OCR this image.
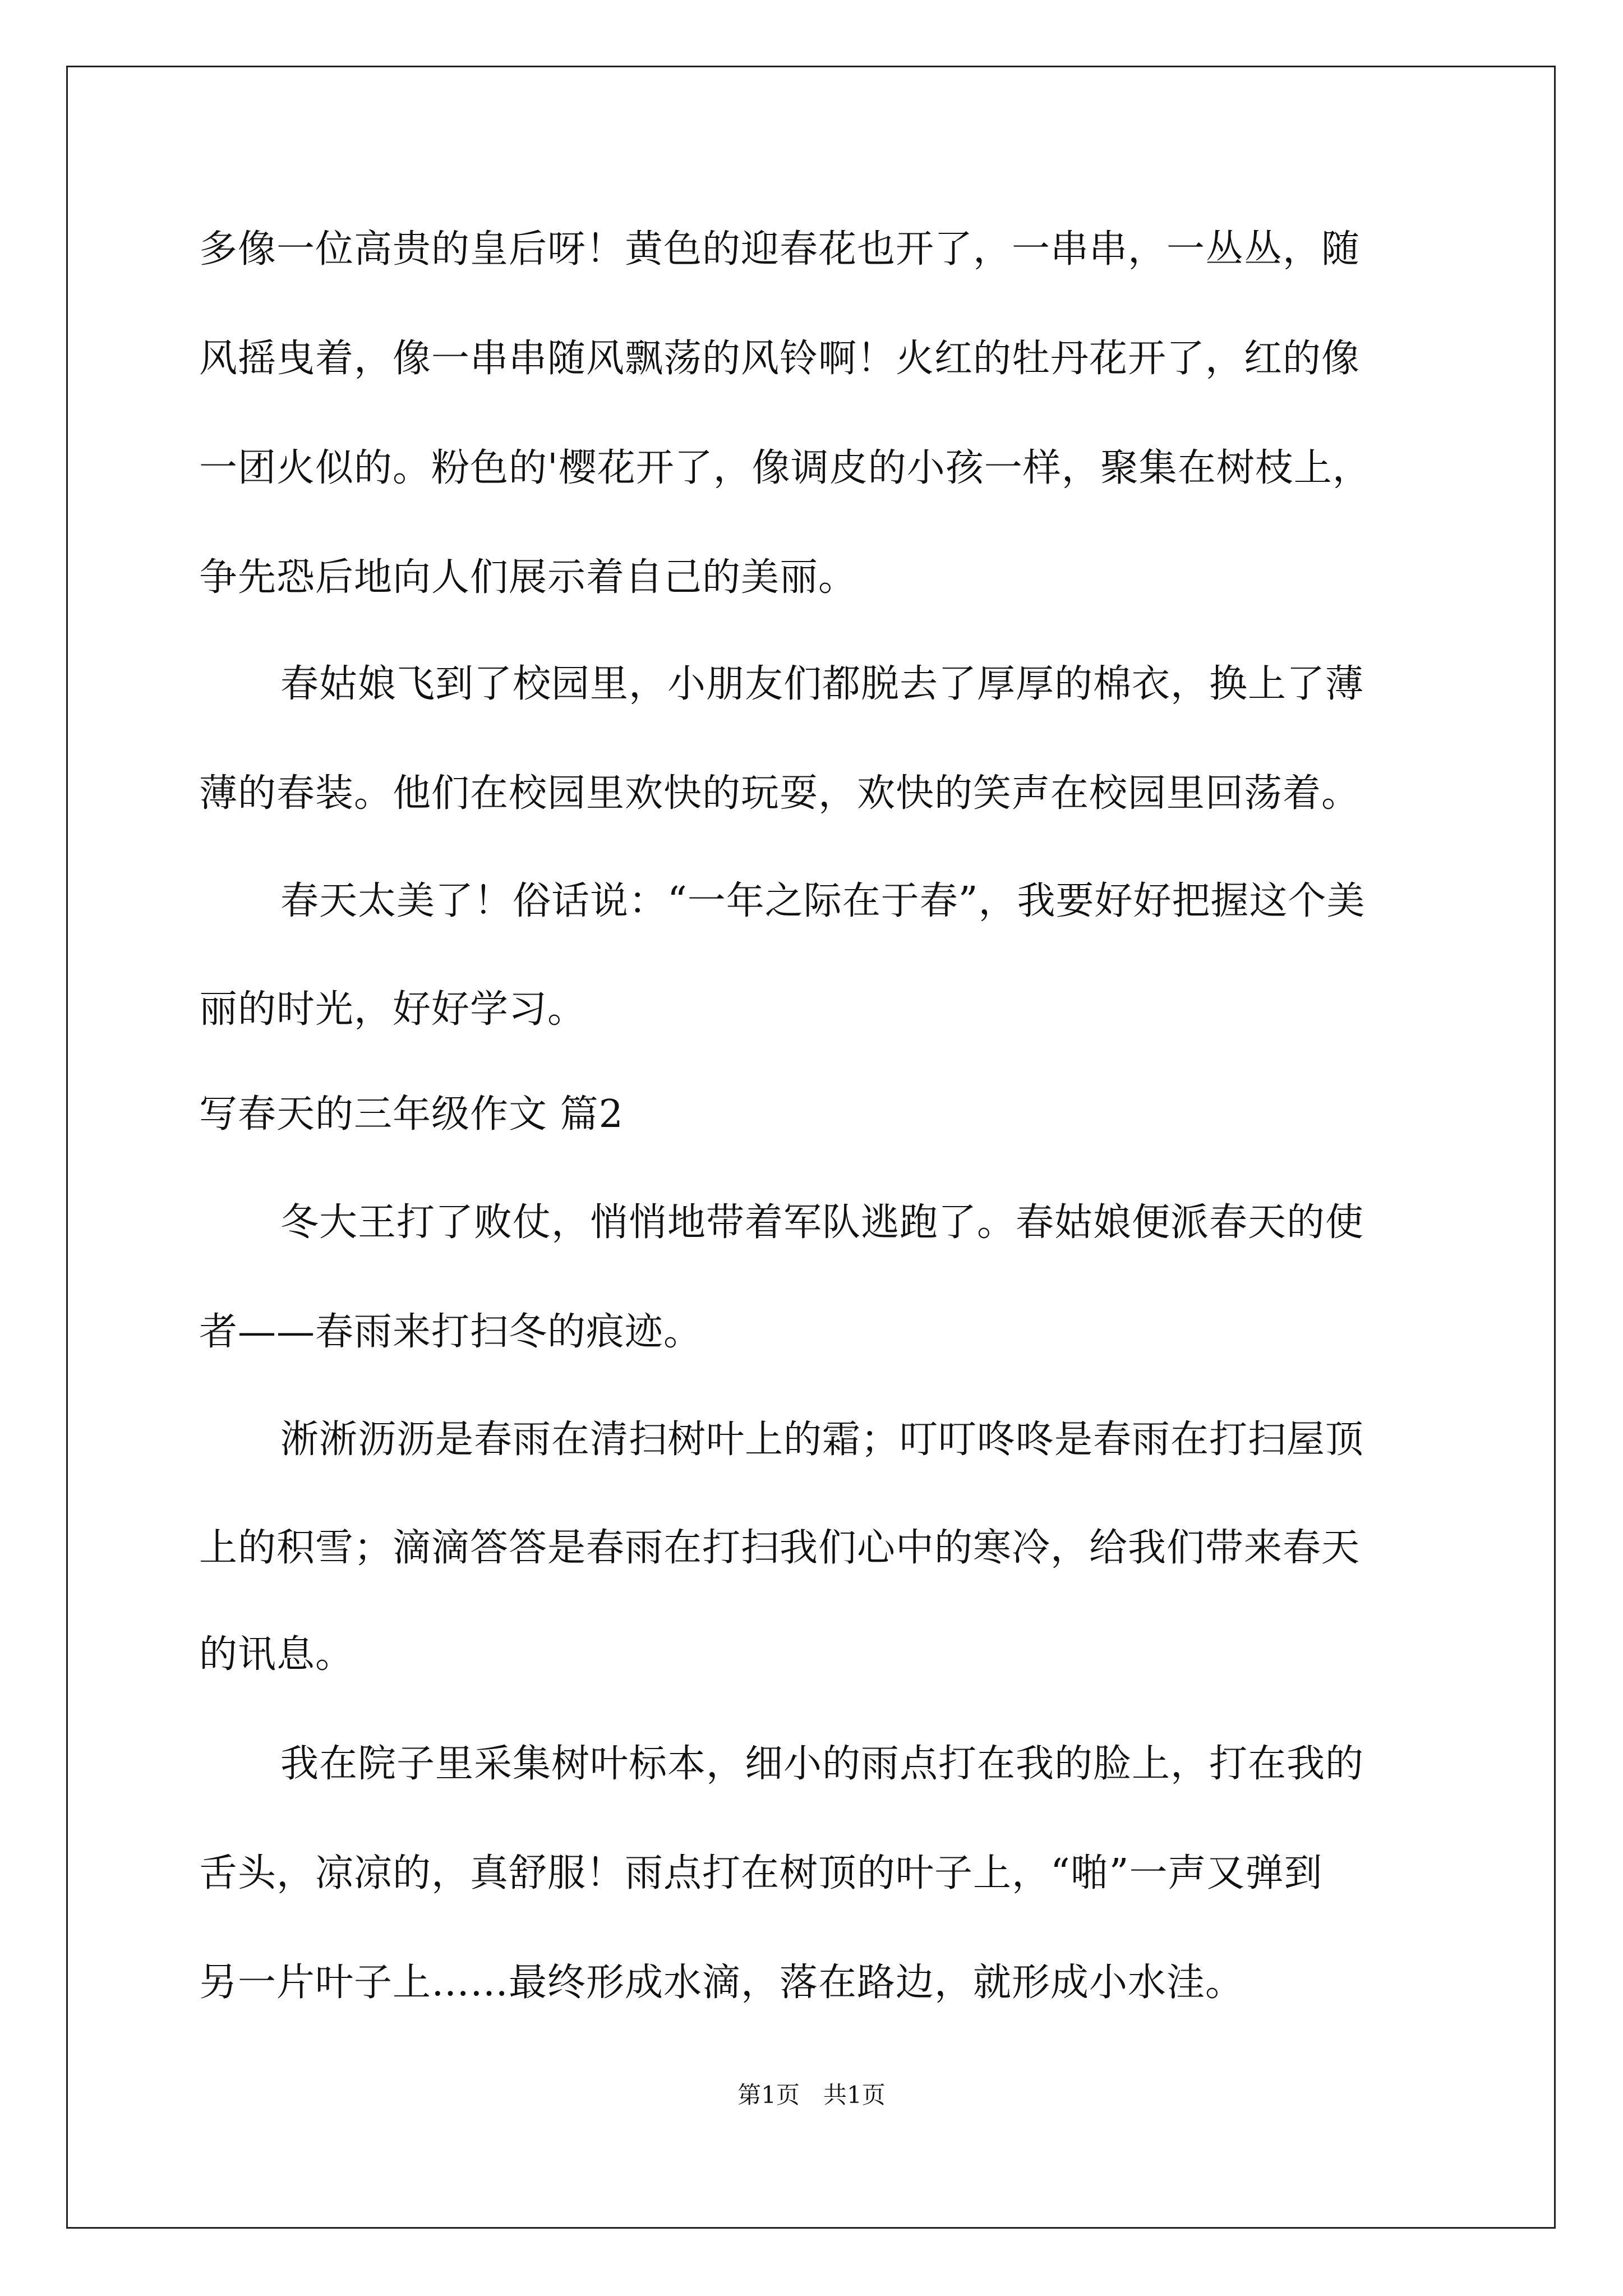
多像一位高贵的皇后呀！黄色的迎春花也开了，一串串，一丛丛，随
风摇曳着，像一串串随风飘荡的风铃啊！火红的牡丹花开了，红的像
一团火似的。粉色的'樱花开了，像调皮的小孩一样，聚集在树枝上，
争先恐后地向人们展示着自己的美丽。
春姑娘飞到了校园里，小朋友们都脱去了厚厚的棉衣，换上了薄
薄的春装。他们在校园里欢快的玩耍，欢快的笑声在校园里回荡着。
春天太美了！俗话说：“一年之际在于春”，我要好好把握这个美
丽的时光，好好学习。
写春天的三年级作文 篇2
冬大王打了败仗，悄悄地带着军队逃跑了。春姑娘便派春天的使
者——春雨来打扫冬的痕迹。
淅淅沥沥是春雨在清扫树叶上的霜；叮叮咚咚是春雨在打扫屋顶
上的积雪；滴滴答答是春雨在打扫我们心中的寒冷，给我们带来春天
的讯息。
我在院子里采集树叶标本，细小的雨点打在我的脸上，打在我的
舌头，凉凉的，真舒服！雨点打在树顶的叶子上，“啪”一声又弹到
另一片叶子上……最终形成水滴，落在路边，就形成小水洼。
第1页　共1页
